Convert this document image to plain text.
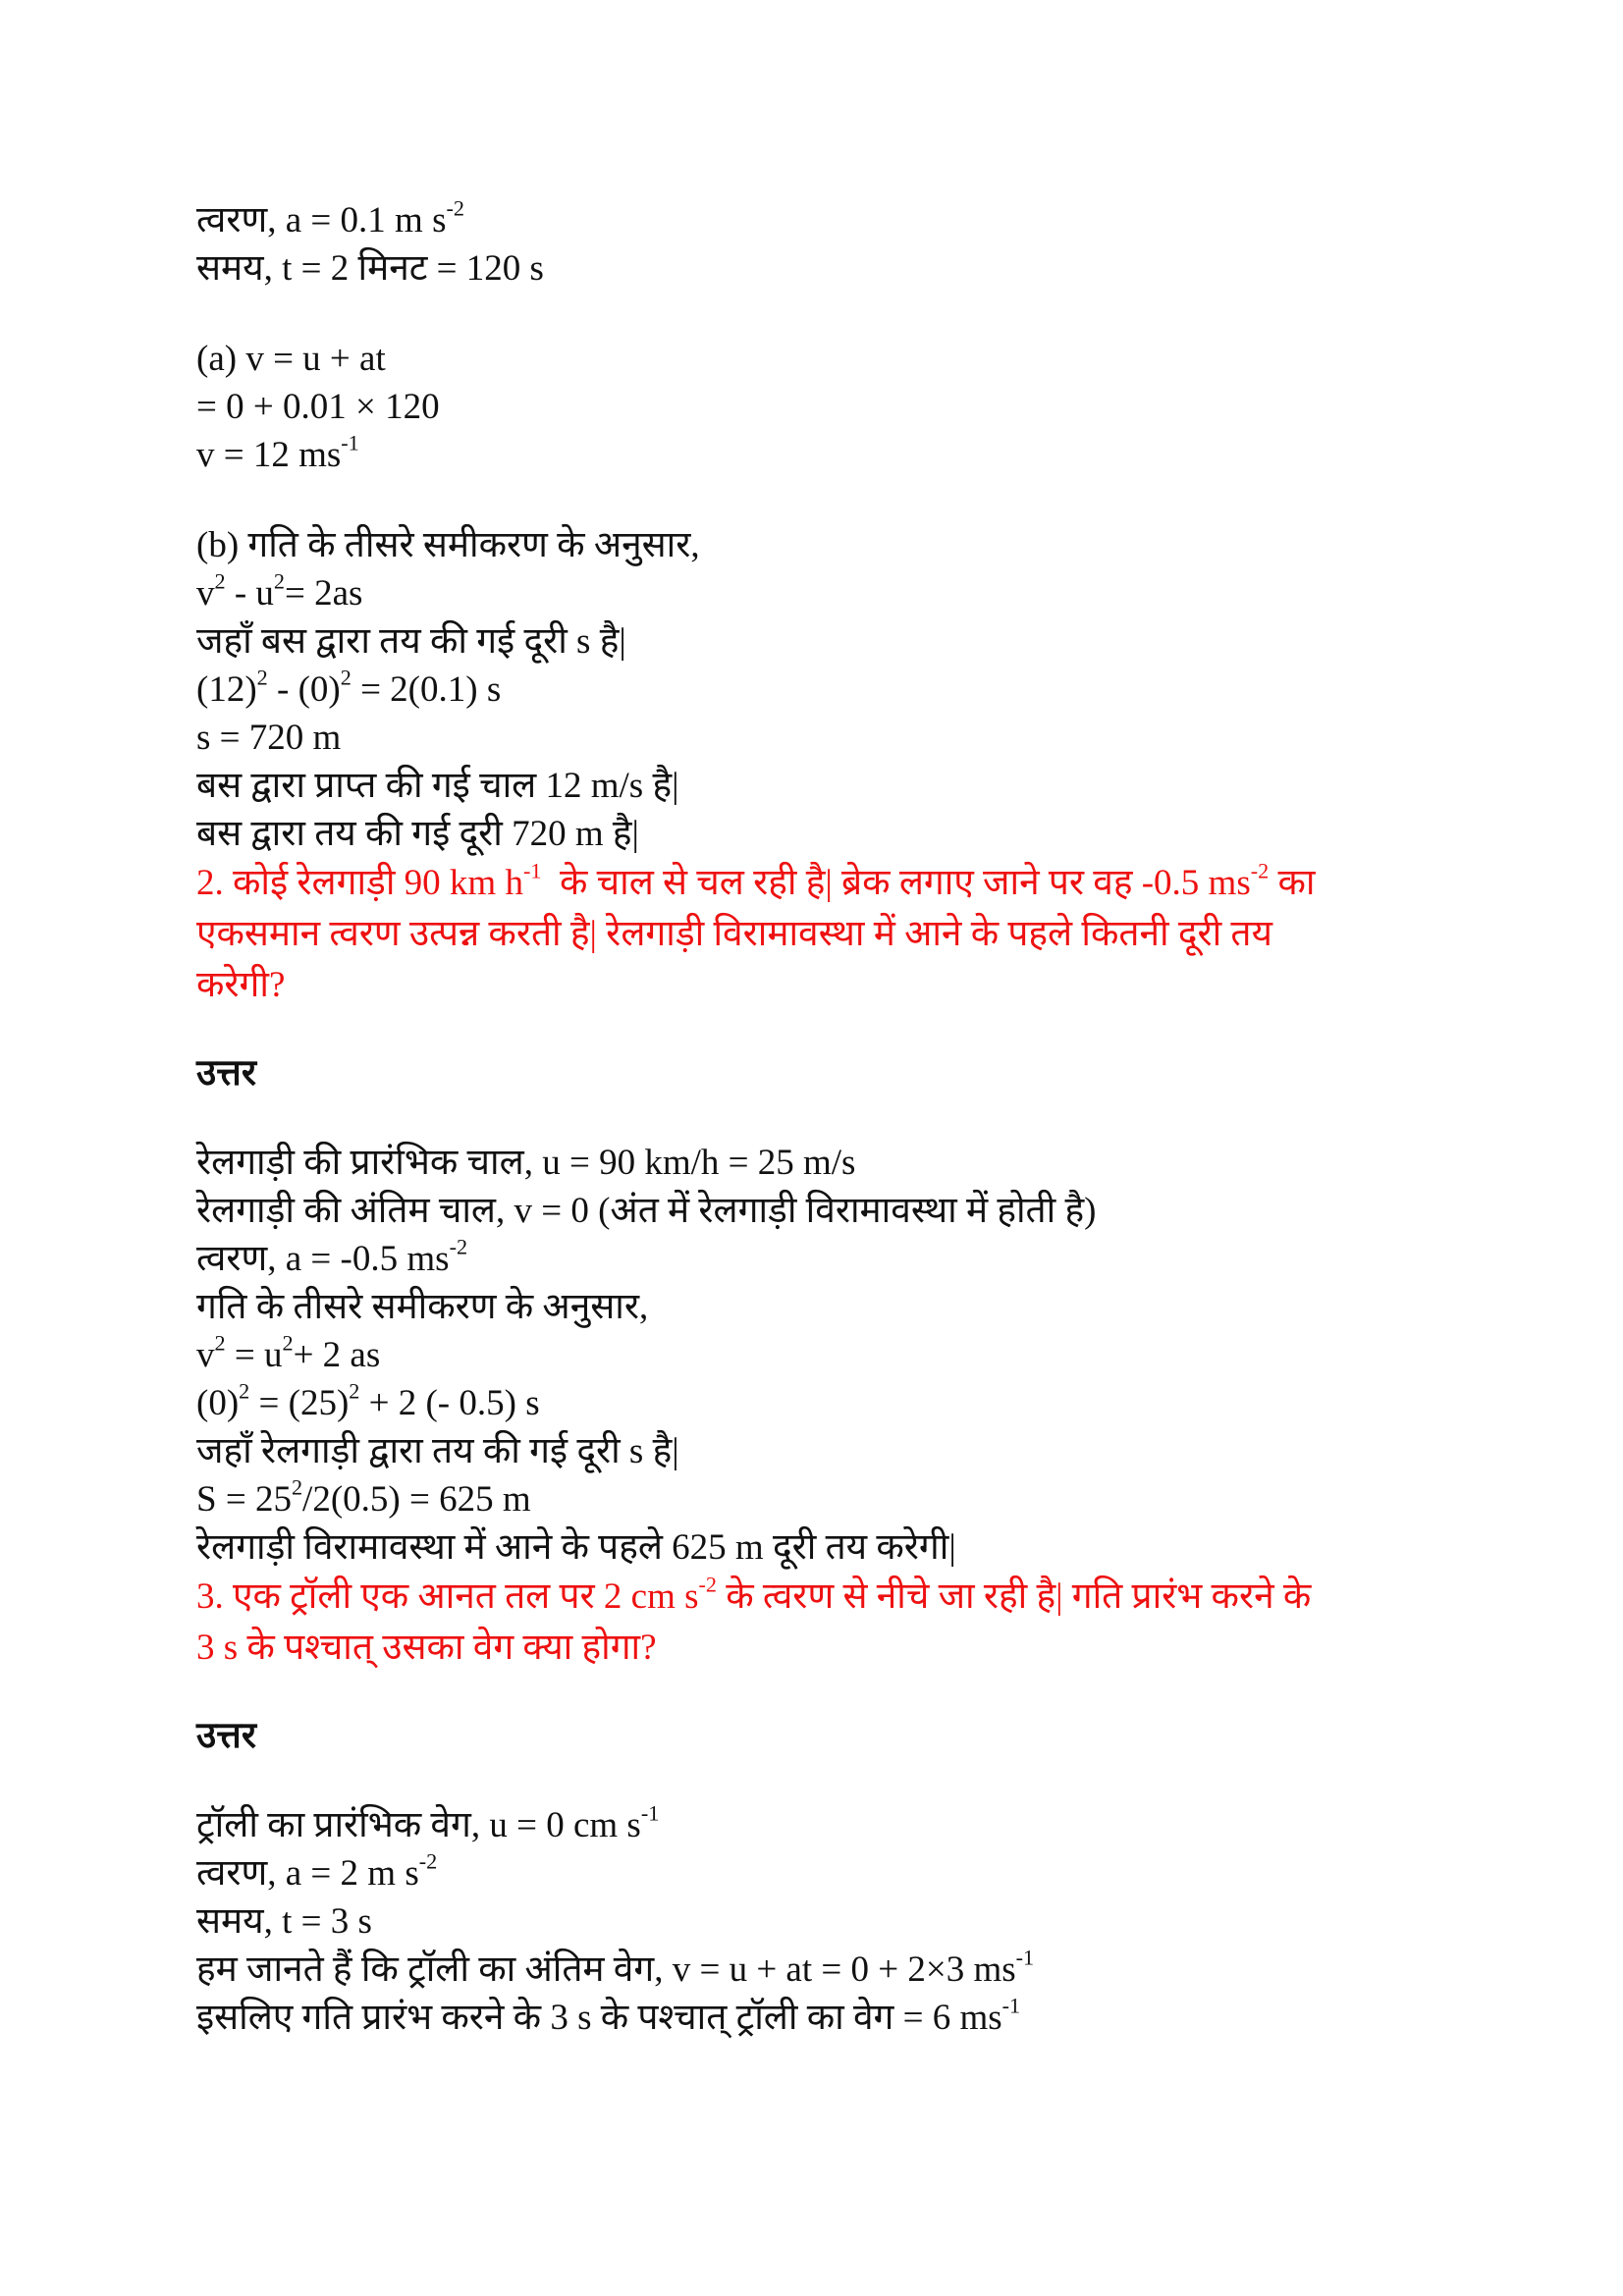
त्वरण, a = 0.1 m $s^{-2}$
समय, t = 2 मिनट = 120 s
(a) v = u + at
= 0 + 0.01 × 120
v = 12 $ms^{-1}$
(b) गति के तीसरे समीकरण के अनुसार,
$v^2 - u^2= 2as$
जहाँ बस द्वारा तय की गई दूरी s है|
$(12)^2 - (0)^2 = 2(0.1)$ s
s = 720 m
बस द्वारा प्राप्त की गई चाल 12 m/s है|
बस द्वारा तय की गई दूरी 720 m है|
2. कोई रेलगाड़ी 90 km $h^{-1}$  के चाल से चल रही है| ब्रेक लगाए जाने पर वह -0.5 $ms^{-2}$ का
एकसमान त्वरण उत्पन्न करती है| रेलगाड़ी विरामावस्था में आने के पहले कितनी दूरी तय
करेगी?
उत्तर
रेलगाड़ी की प्रारंभिक चाल, u = 90 km/h = 25 m/s
रेलगाड़ी की अंतिम चाल, v = 0 (अंत में रेलगाड़ी विरामावस्था में होती है)
त्वरण, a = -0.5 $ms^{-2}$
गति के तीसरे समीकरण के अनुसार,
$v^2 = u^2+ 2$ as
$(0)^2 = (25)^2 + 2$ (- 0.5) s
जहाँ रेलगाड़ी द्वारा तय की गई दूरी s है|
$S = 25^2/2(0.5) = 625$ m
रेलगाड़ी विरामावस्था में आने के पहले 625 m दूरी तय करेगी|
3. एक ट्रॉली एक आनत तल पर 2 cm $s^{-2}$ के त्वरण से नीचे जा रही है| गति प्रारंभ करने के
3 s के पश्चात् उसका वेग क्या होगा?
उत्तर
ट्रॉली का प्रारंभिक वेग, u = 0 cm $s^{-1}$
त्वरण, a = 2 m $s^{-2}$
समय, t = 3 s
हम जानते हैं कि ट्रॉली का अंतिम वेग, v = u + at = 0 + 2×3 $ms^{-1}$
इसलिए गति प्रारंभ करने के 3 s के पश्चात् ट्रॉली का वेग = 6 $ms^{-1}$
